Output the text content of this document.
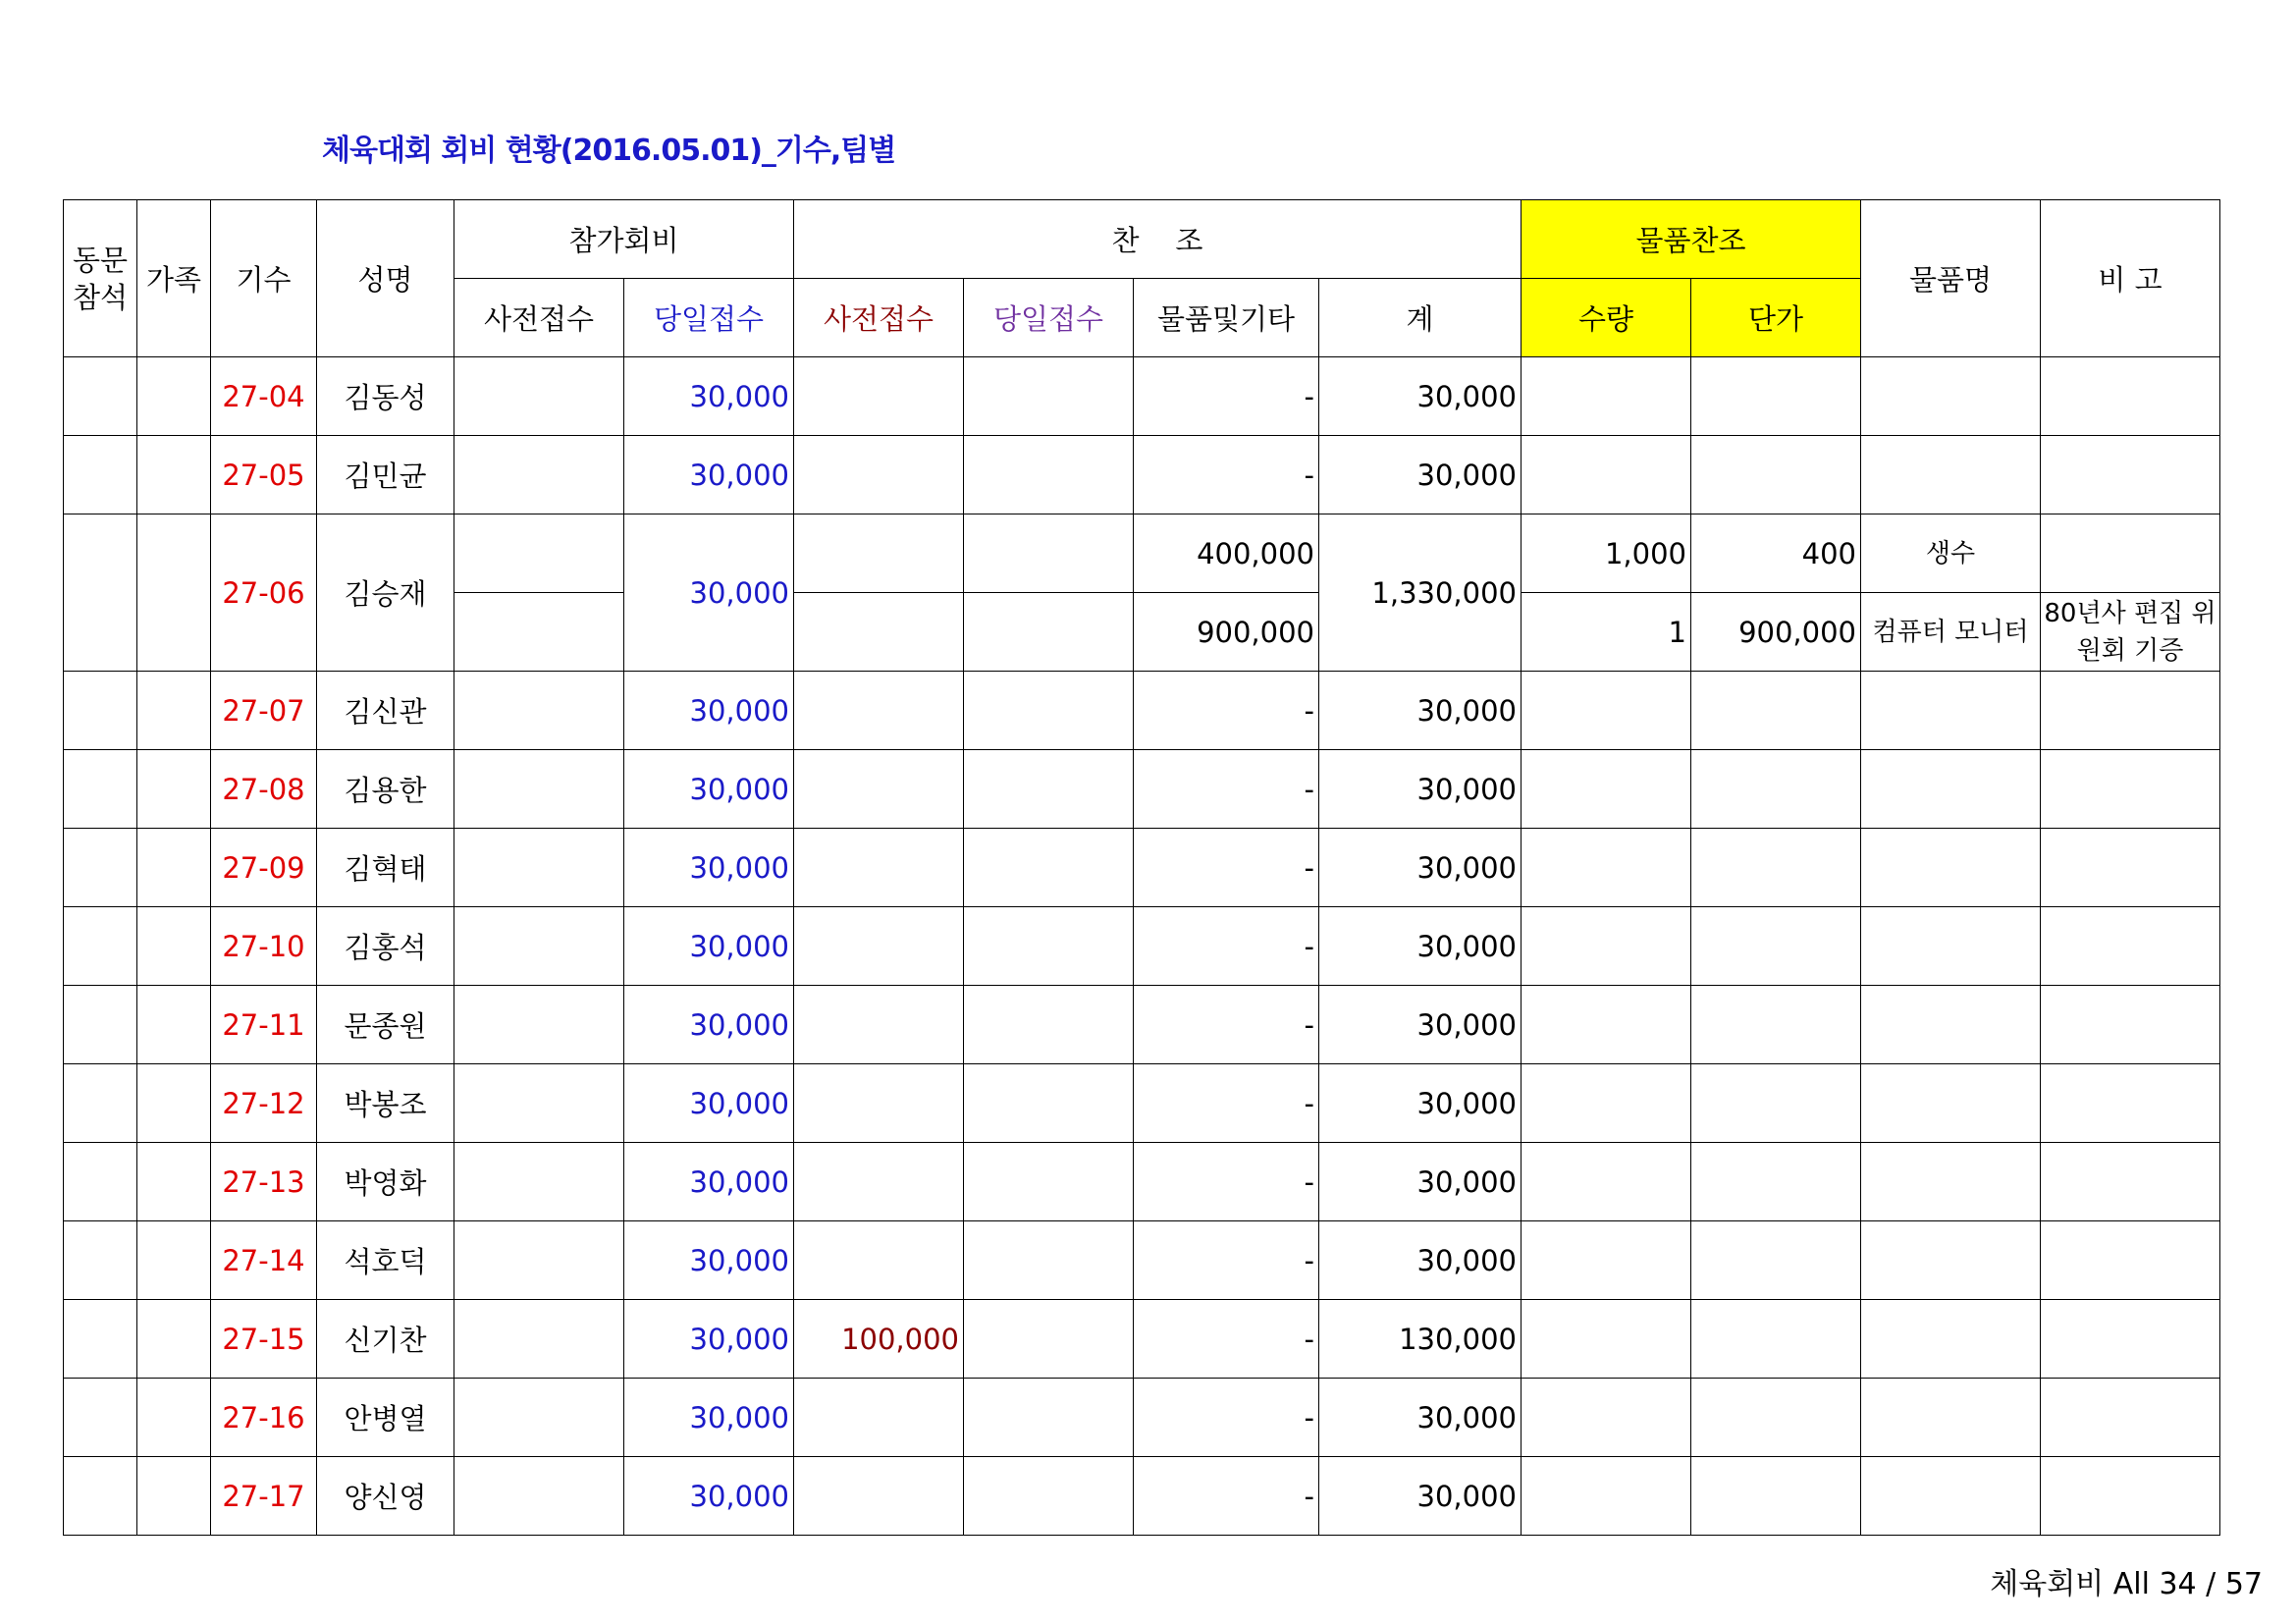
체육대회 회비 현황(2016.05.01)_기수,팀별
동문
참석	가족	기수	성명	참가회비		찬    조				물품찬조		물품명	비 고
				사전접수	당일접수	사전접수	당일접수	물품및기타	계	수량	단가		
		27-04	김동성		30,000			-	30,000				
		27-05	김민균		30,000			-	30,000				
		27-06	김승재		30,000			400,000	1,330,000	1,000	400	생수	
								900,000		1	900,000	컴퓨터 모니터	80년사 편집 위원회 기증
		27-07	김신관		30,000			-	30,000				
		27-08	김용한		30,000			-	30,000				
		27-09	김혁태		30,000			-	30,000				
		27-10	김홍석		30,000			-	30,000				
		27-11	문종원		30,000			-	30,000				
		27-12	박봉조		30,000			-	30,000				
		27-13	박영화		30,000			-	30,000				
		27-14	석호덕		30,000			-	30,000				
		27-15	신기찬		30,000	100,000		-	130,000				
		27-16	안병열		30,000			-	30,000				
		27-17	양신영		30,000			-	30,000				
체육회비 All 34 / 57
